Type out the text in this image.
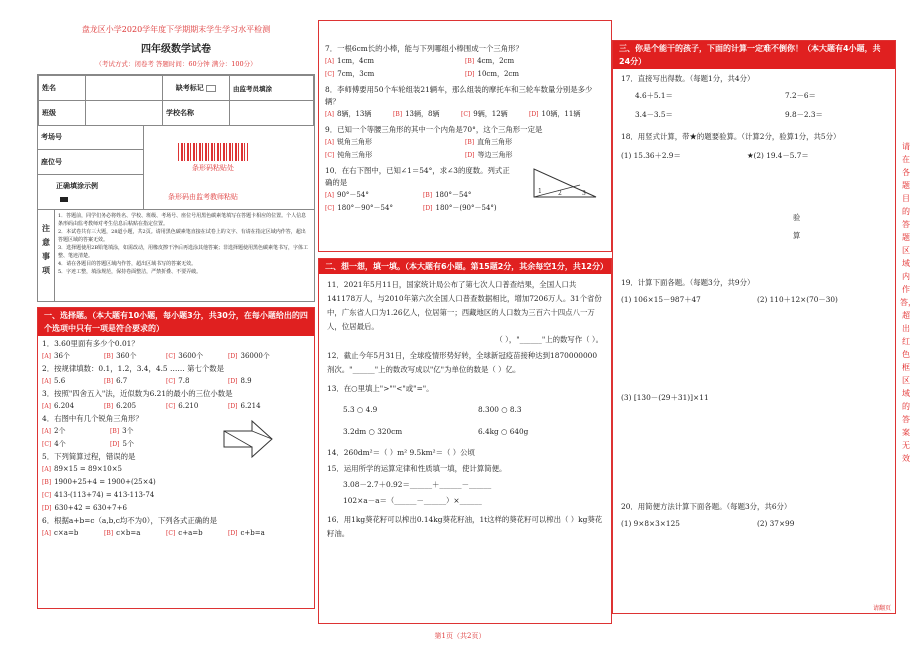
盘龙区小学2020学年度下学期期末学生学习水平检测
四年级数学试卷
（考试方式：闭卷考 答题时间：60分钟 满分：100分）
姓名		缺考标记	由监考员填涂
班级		学校名称	
考场号
座位号
正确填涂示例
条形码粘贴处
条形码由监考教师粘贴
注意事项
1．答题前，同学们务必将姓名、学校、班级、考场号、座位号用黑色碳素笔填写在答题卡相应的位置。个人信息条形码由监考教师对考生信息后粘贴在指定位置。
2．本试卷共有三大题，28道小题，共2页。请用黑色碳素笔直接在试卷上的文字、有请在指定区域内作答，超出答题区域的答案无效。
3．选择题使用2B铅笔填涂，如需改动，用橡皮擦干净后再选涂其他答案；非选择题使用黑色碳素笔书写，字体工整、笔迹清楚。
4．请在各题目的答题区域内作答，超出区域书写的答案无效。
5．字迹工整，填涂规范，保持卷面整洁，严禁折叠、不要弄破。
一、选择题。（本大题有10小题，每小题3分，共30分，在每小题给出的四个选项中只有一项是符合要求的）

1．3.60里面有多少个0.01？

[A] 36个	[B] 360个	[C] 3600个	[D] 36000个

2．按规律填数：0.1，1.2，3.4，4.5 …… 第七个数是

[A] 5.6	[B] 6.7	[C] 7.8	[D] 8.9

3．按照"四舍五入"法，近似数为6.21的最小的三位小数是

[A] 6.204	[B] 6.205	[C] 6.210	[D] 6.214

4．右图中有几个锐角三角形？

[A] 2个	[B] 3个
[C] 4个	[D] 5个

5．下列简算过程，错误的是

[A] 89×15 = 89×10×5
[B] 1900+25+4 = 1900+(25×4)
[C] 413-(113+74) = 413-113-74
[D] 630+42 = 630+7+6

6．根据a+b=c（a,b,c均不为0），下列各式正确的是

[A] c×a=b	[B] c×b=a	[C] c+a=b	[D] c+b=a

7．一根6cm长的小棒，能与下列哪组小棒围成一个三角形？

[A] 1cm，4cm	[B] 4cm，2cm
[C] 7cm，3cm	[D] 10cm，2cm

8．李师傅要用50个车轮组装21辆车，那么组装的摩托车和三轮车数量分别是多少辆？

[A] 8辆，13辆	[B] 13辆，8辆	[C] 9辆，12辆	[D] 10辆，11辆

9．已知一个等腰三角形的其中一个内角是70°，这个三角形一定是

[A] 锐角三角形	[B] 直角三角形
[C] 钝角三角形	[D] 等边三角形

10．在右下图中，已知∠1＝54°，求∠3的度数。列式正确的是

[A] 90°－54°	[B] 180°－54°
[C] 180°－90°－54°	[D] 180°－(90°－54°)
1	2	3
二、想一想，填一填。（本大题有6小题。第15题2分，其余每空1分，共12分）

11．2021年5月11日，国家统计局公布了第七次人口普查结果，全国人口共141178万人，与2010年第六次全国人口普查数据相比，增加7206万人。31个省份中，广东省人口为1.26亿人，位居第一；西藏地区的人口数为三百六十四点八一万人，位居最后。

（ ），"______"上的数写作（ ）。

12．截止今年5月31日，全球疫情形势好转，全球新冠疫苗接种达到1870000000剂次。"______"上的数改写成以"亿"为单位的数是（ ）亿。

13．在○里填上">""<"或"="。

5.3 ○ 4.9	8.300 ○ 8.3
3.2dm ○ 320cm	6.4kg ○ 640g

14．260dm²＝（ ）m² 9.5km²＝（ ）公顷

15．运用所学的运算定律和性质填一填，使计算简便。

3.08－2.7＋0.92＝______＋______－______

102×a－a＝（______－______）×______

16．用1kg葵花籽可以榨出0.14kg葵花籽油，1t这样的葵花籽可以榨出（ ）kg葵花籽油。

三、你是个能干的孩子，下面的计算一定难不倒你！（本大题有4小题，共24分）

17．直接写出得数。（每题1分，共4分）

4.6＋5.1＝	7.2－6＝
3.4－3.5＝	9.8－2.3＝

18．用竖式计算，带★的题要验算。（计算2分，验算1分，共5分）

(1) 15.36＋2.9＝	★(2) 19.4－5.7＝
验
算

19．计算下面各题。（每题3分，共9分）

(1) 106×15－987＋47	(2) 110＋12×(70－30)

(3) [130－(29＋31)]×11

20．用简便方法计算下面各题。（每题3分，共6分）

(1) 9×8×3×125	(2) 37×99
请翻页
请在各题目的答题区域内作答，超出红色框区域的答案无效
第1页（共2页）
